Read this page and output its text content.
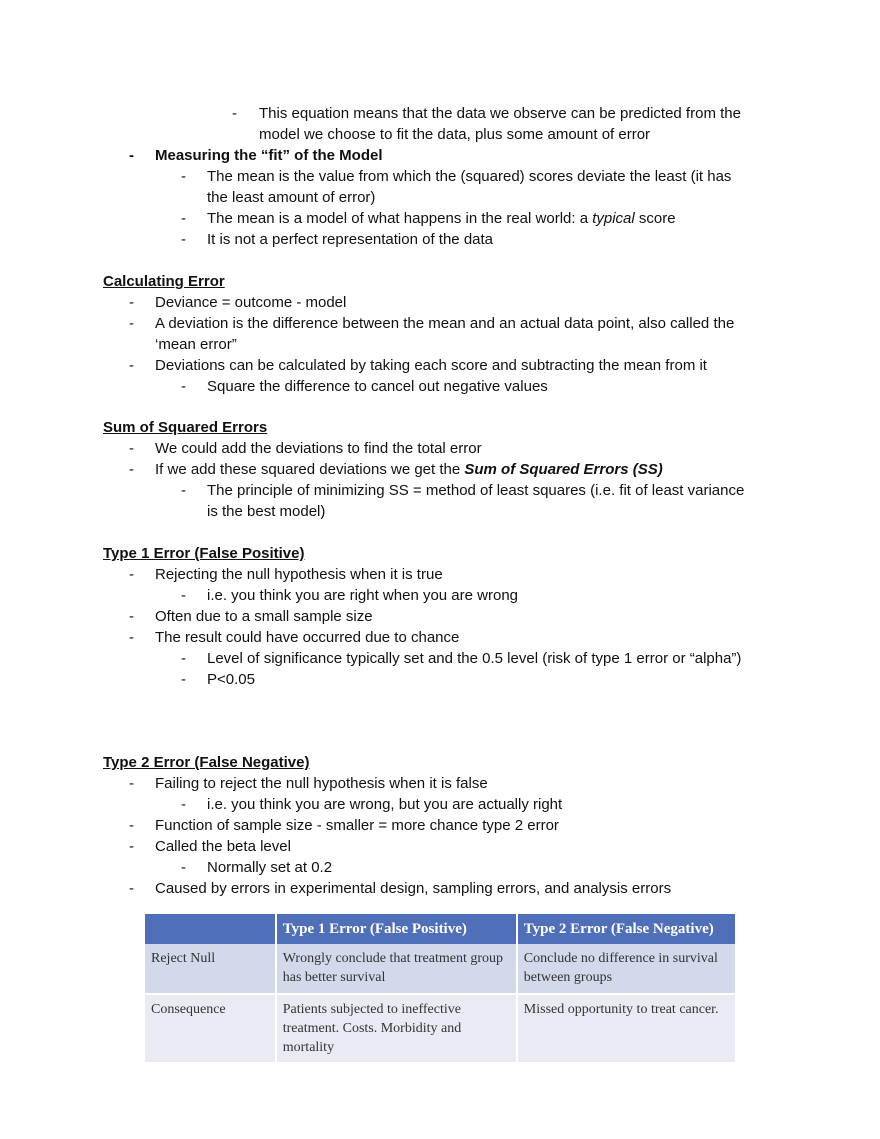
- This equation means that the data we observe can be predicted from the
model we choose to fit the data, plus some amount of error
- Measuring the “fit” of the Model
- The mean is the value from which the (squared) scores deviate the least (it has
the least amount of error)
- The mean is a model of what happens in the real world: a typical score
- It is not a perfect representation of the data
Calculating Error
- Deviance = outcome - model
- A deviation is the difference between the mean and an actual data point, also called the
‘mean error”
- Deviations can be calculated by taking each score and subtracting the mean from it
- Square the difference to cancel out negative values
Sum of Squared Errors
- We could add the deviations to find the total error
- If we add these squared deviations we get the Sum of Squared Errors (SS)
- The principle of minimizing SS = method of least squares (i.e. fit of least variance
is the best model)
Type 1 Error (False Positive)
- Rejecting the null hypothesis when it is true
- i.e. you think you are right when you are wrong
- Often due to a small sample size
- The result could have occurred due to chance
- Level of significance typically set and the 0.5 level (risk of type 1 error or “alpha”)
- P<0.05
Type 2 Error (False Negative)
- Failing to reject the null hypothesis when it is false
- i.e. you think you are wrong, but you are actually right
- Function of sample size - smaller = more chance type 2 error
- Called the beta level
- Normally set at 0.2
- Caused by errors in experimental design, sampling errors, and analysis errors
	Type 1 Error (False Positive)	Type 2 Error (False Negative)
Reject Null	Wrongly conclude that treatment group has better survival	Conclude no difference in survival between groups
Consequence	Patients subjected to ineffective treatment. Costs. Morbidity and mortality	Missed opportunity to treat cancer.
